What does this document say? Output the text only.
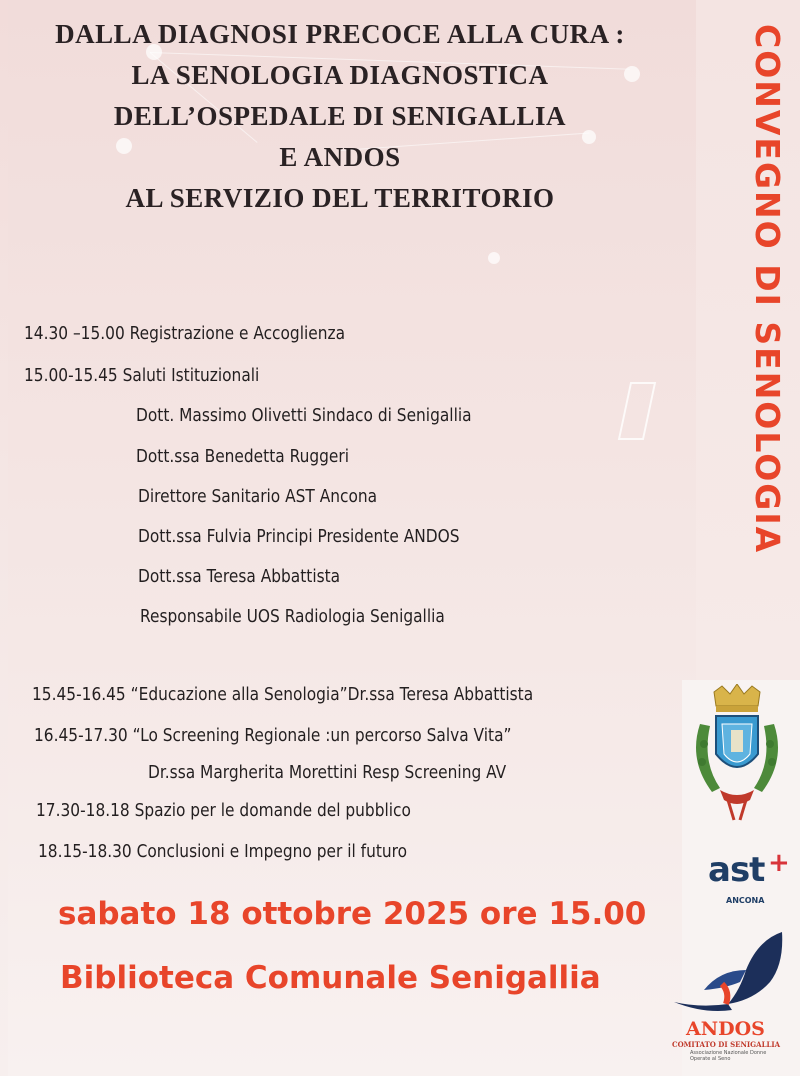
DALLA DIAGNOSI PRECOCE ALLA CURA :
LA SENOLOGIA DIAGNOSTICA
DELL’OSPEDALE DI SENIGALLIA
E ANDOS
AL SERVIZIO DEL TERRITORIO	CONVEGNO DI SENOLOGIA
14.30 –15.00 Registrazione e Accoglienza
15.00-15.45 Saluti Istituzionali
Dott. Massimo Olivetti Sindaco di Senigallia
Dott.ssa Benedetta Ruggeri
Direttore Sanitario AST Ancona
Dott.ssa Fulvia Principi Presidente ANDOS
Dott.ssa Teresa Abbattista
Responsabile UOS Radiologia Senigallia
15.45-16.45 “Educazione alla Senologia”Dr.ssa Teresa Abbattista
16.45-17.30 “Lo Screening Regionale :un percorso Salva Vita”
Dr.ssa Margherita Morettini Resp Screening AV
17.30-18.18 Spazio per le domande del pubblico
18.15-18.30 Conclusioni e Impegno per il futuro
sabato 18 ottobre 2025 ore 15.00
Biblioteca Comunale Senigallia
ast +
ANCONA
ANDOS
COMITATO DI SENIGALLIA
Associazione Nazionale Donne Operate al Seno
